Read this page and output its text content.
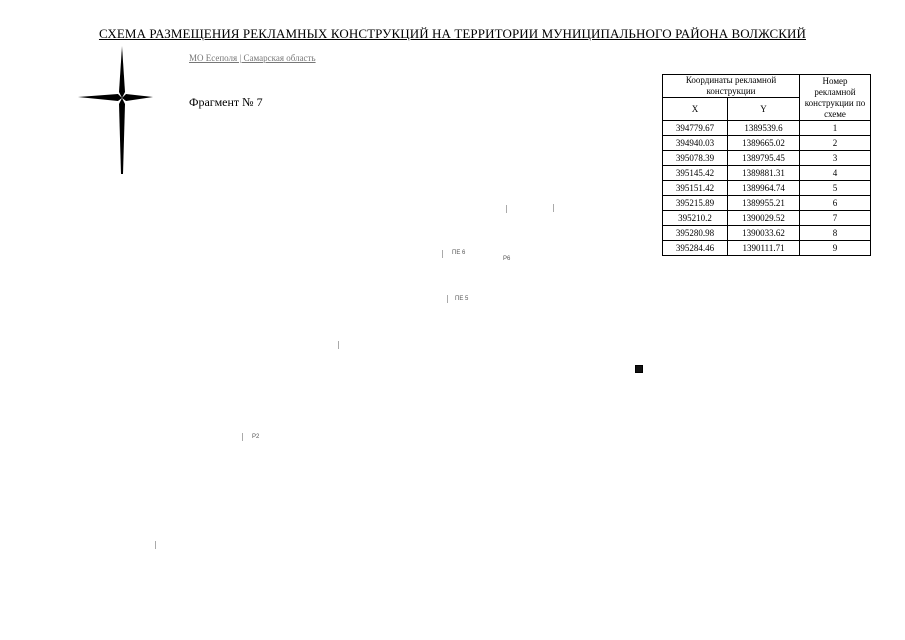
СХЕМА РАЗМЕЩЕНИЯ РЕКЛАМНЫХ КОНСТРУКЦИЙ НА ТЕРРИТОРИИ МУНИЦИПАЛЬНОГО РАЙОНА ВОЛЖСКИЙ
МО Есеполя | Самарская область
Фрагмент № 7
Координаты рекламной конструкции		Номер рекламной конструкции по схеме
X	Y	
394779.67	1389539.6	1
394940.03	1389665.02	2
395078.39	1389795.45	3
395145.42	1389881.31	4
395151.42	1389964.74	5
395215.89	1389955.21	6
395210.2	1390029.52	7
395280.98	1390033.62	8
395284.46	1390111.71	9
ПЕ 6
Р6
ПЕ 5
Р2
